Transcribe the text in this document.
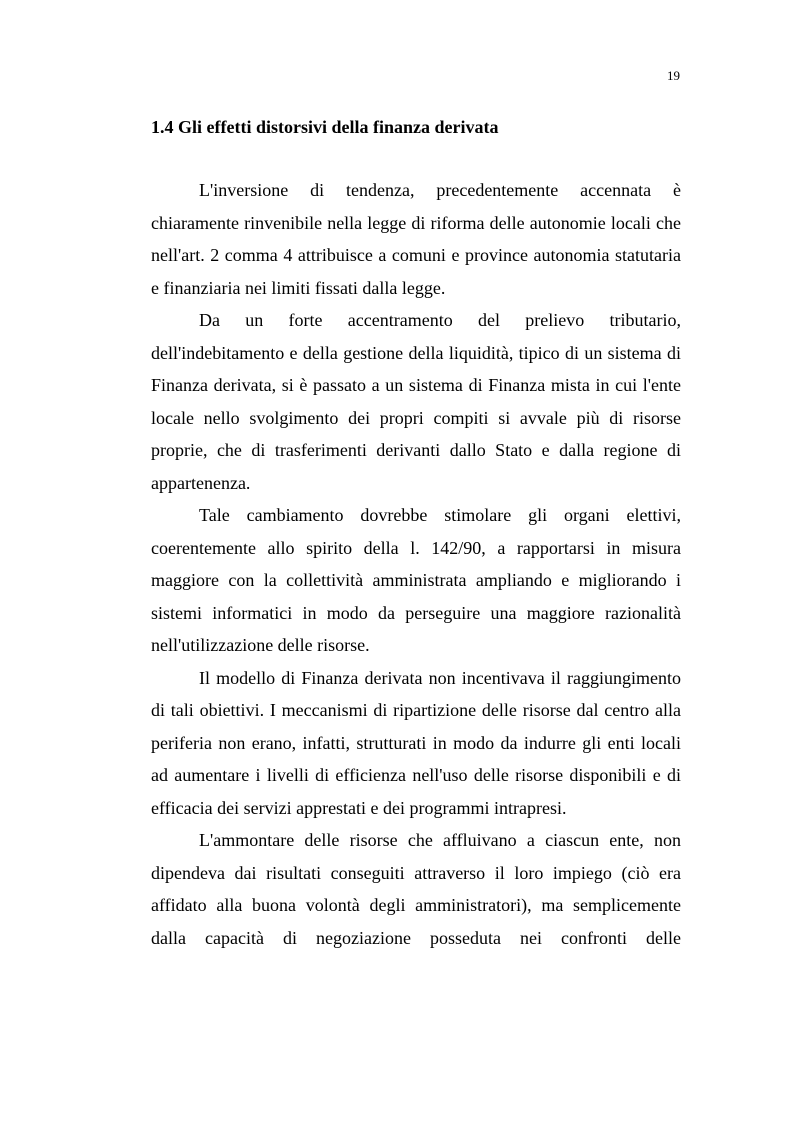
19
1.4 Gli effetti distorsivi della finanza derivata

L'inversione di tendenza, precedentemente accennata è chiaramente rinvenibile nella legge di riforma delle autonomie locali che nell'art. 2 comma 4 attribuisce a comuni e province autonomia statutaria e finanziaria nei limiti fissati dalla legge.

Da un forte accentramento del prelievo tributario, dell'indebitamento e della gestione della liquidità, tipico di un sistema di Finanza derivata, si è passato a un sistema di Finanza mista in cui l'ente locale nello svolgimento dei propri compiti si avvale più di risorse proprie, che di trasferimenti derivanti dallo Stato e dalla regione di appartenenza.

Tale cambiamento dovrebbe stimolare gli organi elettivi, coerentemente allo spirito della l. 142/90, a rapportarsi in misura maggiore con la collettività amministrata ampliando e migliorando i sistemi informatici in modo da perseguire una maggiore razionalità nell'utilizzazione delle risorse.

Il modello di Finanza derivata non incentivava il raggiungimento di tali obiettivi. I meccanismi di ripartizione delle risorse dal centro alla periferia non erano, infatti, strutturati in modo da indurre gli enti locali ad aumentare i livelli di efficienza nell'uso delle risorse disponibili e di efficacia dei servizi apprestati e dei programmi intrapresi.

L'ammontare delle risorse che affluivano a ciascun ente, non dipendeva dai risultati conseguiti attraverso il loro impiego (ciò era affidato alla buona volontà degli amministratori), ma semplicemente dalla capacità di negoziazione posseduta nei confronti delle
